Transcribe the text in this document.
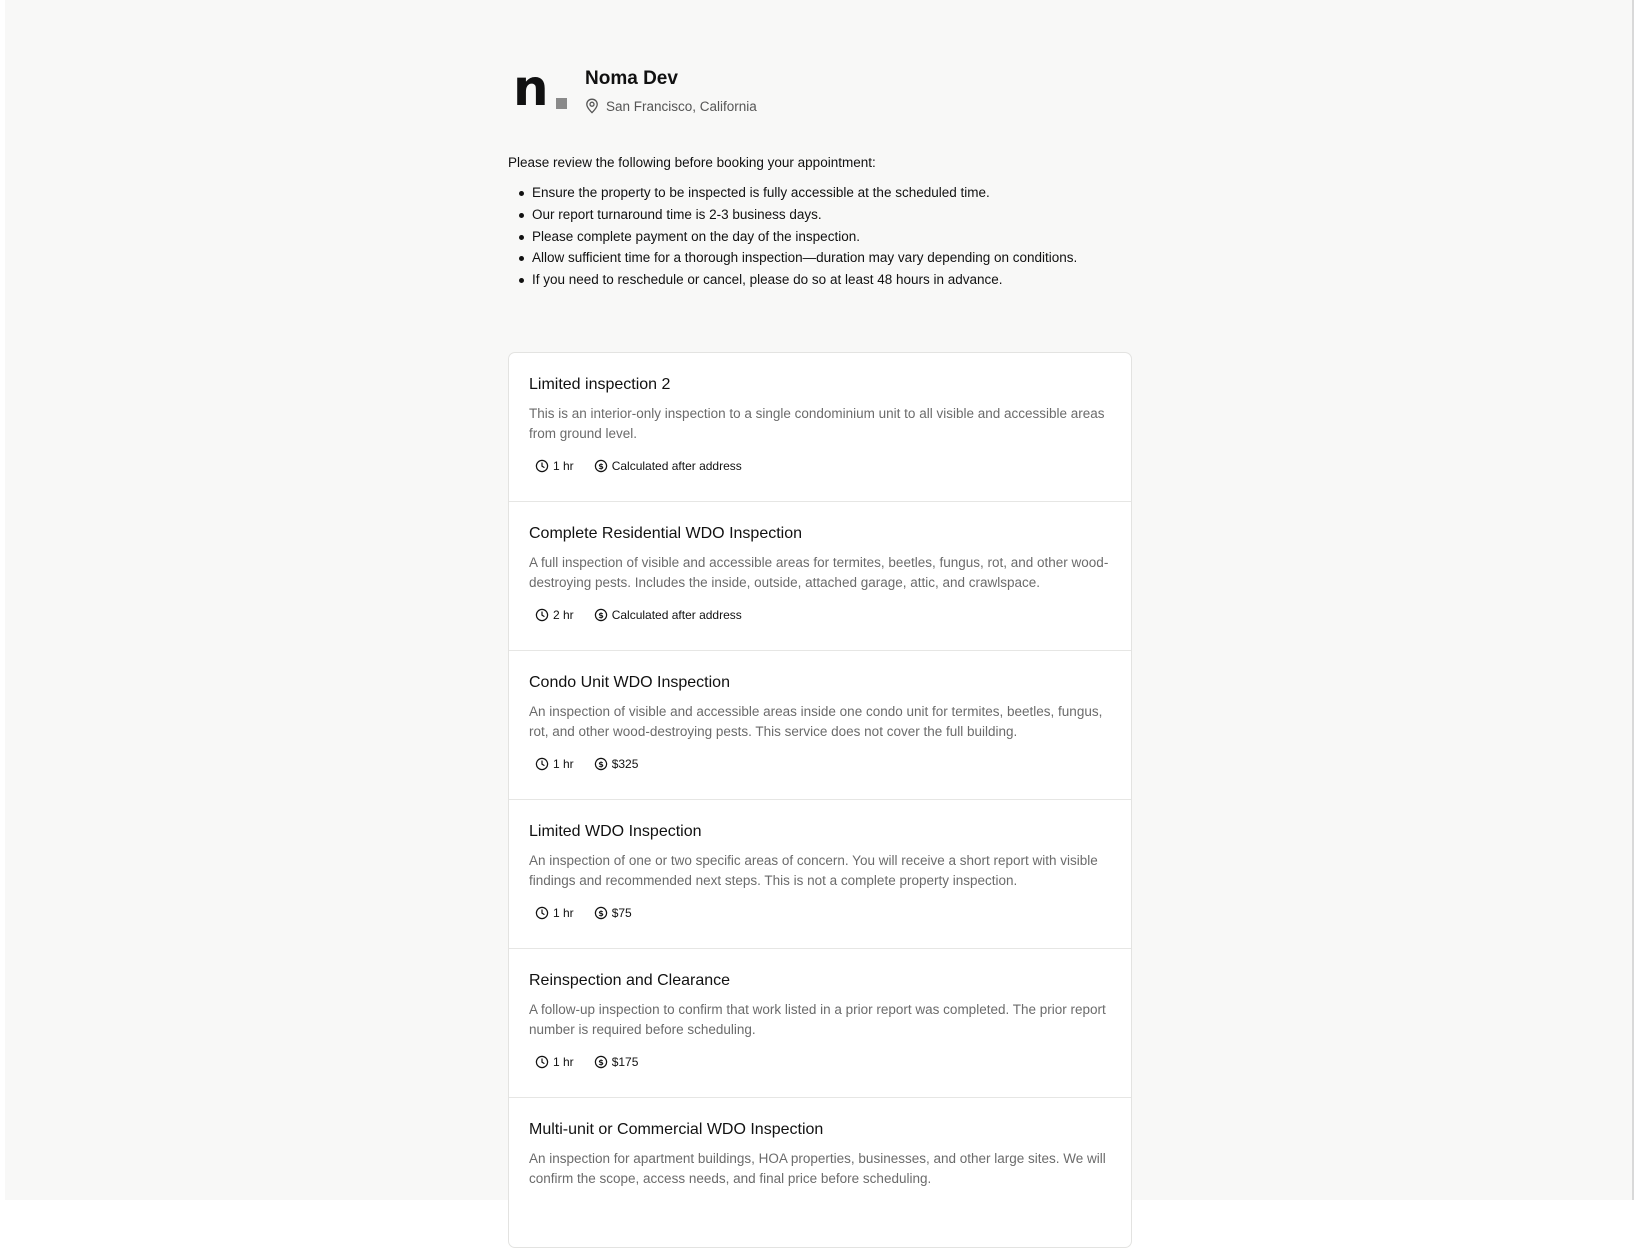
n Noma Dev
San Francisco, California

Please review the following before booking your appointment:

Ensure the property to be inspected is fully accessible at the scheduled time.
Our report turnaround time is 2-3 business days.
Please complete payment on the day of the inspection.
Allow sufficient time for a thorough inspection—duration may vary depending on conditions.
If you need to reschedule or cancel, please do so at least 48 hours in advance.
Limited inspection 2
This is an interior-only inspection to a single condominium unit to all visible and accessible areas from ground level.
1 hr	$ Calculated after address
Complete Residential WDO Inspection
A full inspection of visible and accessible areas for termites, beetles, fungus, rot, and other wood-destroying pests. Includes the inside, outside, attached garage, attic, and crawlspace.
2 hr	$ Calculated after address
Condo Unit WDO Inspection
An inspection of visible and accessible areas inside one condo unit for termites, beetles, fungus, rot, and other wood-destroying pests. This service does not cover the full building.
1 hr	$ $325
Limited WDO Inspection
An inspection of one or two specific areas of concern. You will receive a short report with visible findings and recommended next steps. This is not a complete property inspection.
1 hr	$ $75
Reinspection and Clearance
A follow-up inspection to confirm that work listed in a prior report was completed. The prior report number is required before scheduling.
1 hr	$ $175
Multi-unit or Commercial WDO Inspection
An inspection for apartment buildings, HOA properties, businesses, and other large sites. We will confirm the scope, access needs, and final price before scheduling.
